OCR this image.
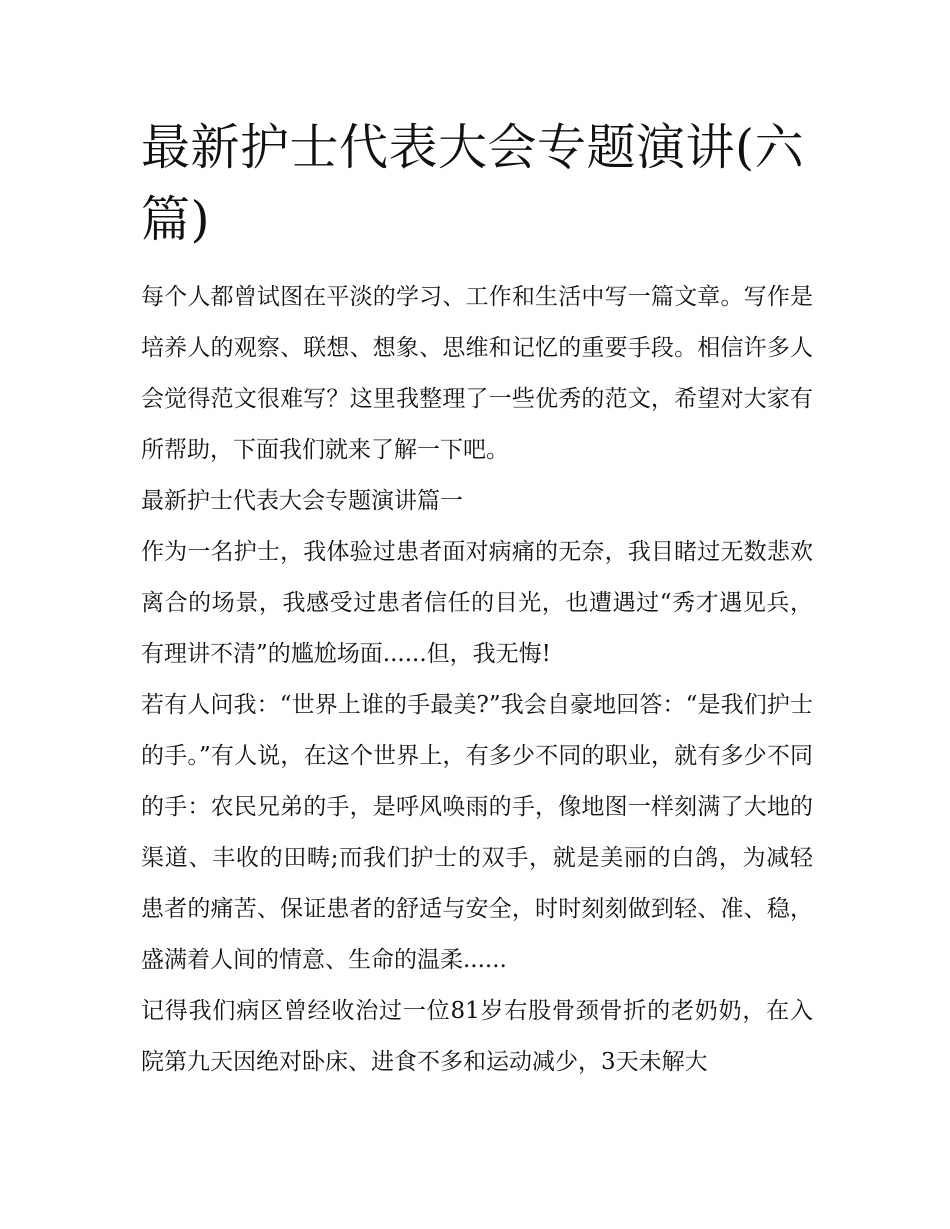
最新护士代表大会专题演讲(六篇)

每个人都曾试图在平淡的学习、工作和生活中写一篇文章。写作是培养人的观察、联想、想象、思维和记忆的重要手段。相信许多人会觉得范文很难写？这里我整理了一些优秀的范文，希望对大家有所帮助，下面我们就来了解一下吧。

最新护士代表大会专题演讲篇一

作为一名护士，我体验过患者面对病痛的无奈，我目睹过无数悲欢离合的场景，我感受过患者信任的目光，也遭遇过“秀才遇见兵，有理讲不清”的尴尬场面......但，我无悔!

若有人问我：“世界上谁的手最美?”我会自豪地回答：“是我们护士的手。”有人说，在这个世界上，有多少不同的职业，就有多少不同的手：农民兄弟的手，是呼风唤雨的手，像地图一样刻满了大地的渠道、丰收的田畴;而我们护士的双手，就是美丽的白鸽，为减轻患者的痛苦、保证患者的舒适与安全，时时刻刻做到轻、准、稳，盛满着人间的情意、生命的温柔......

记得我们病区曾经收治过一位81岁右股骨颈骨折的老奶奶，在入院第九天因绝对卧床、进食不多和运动减少，3天未解大
